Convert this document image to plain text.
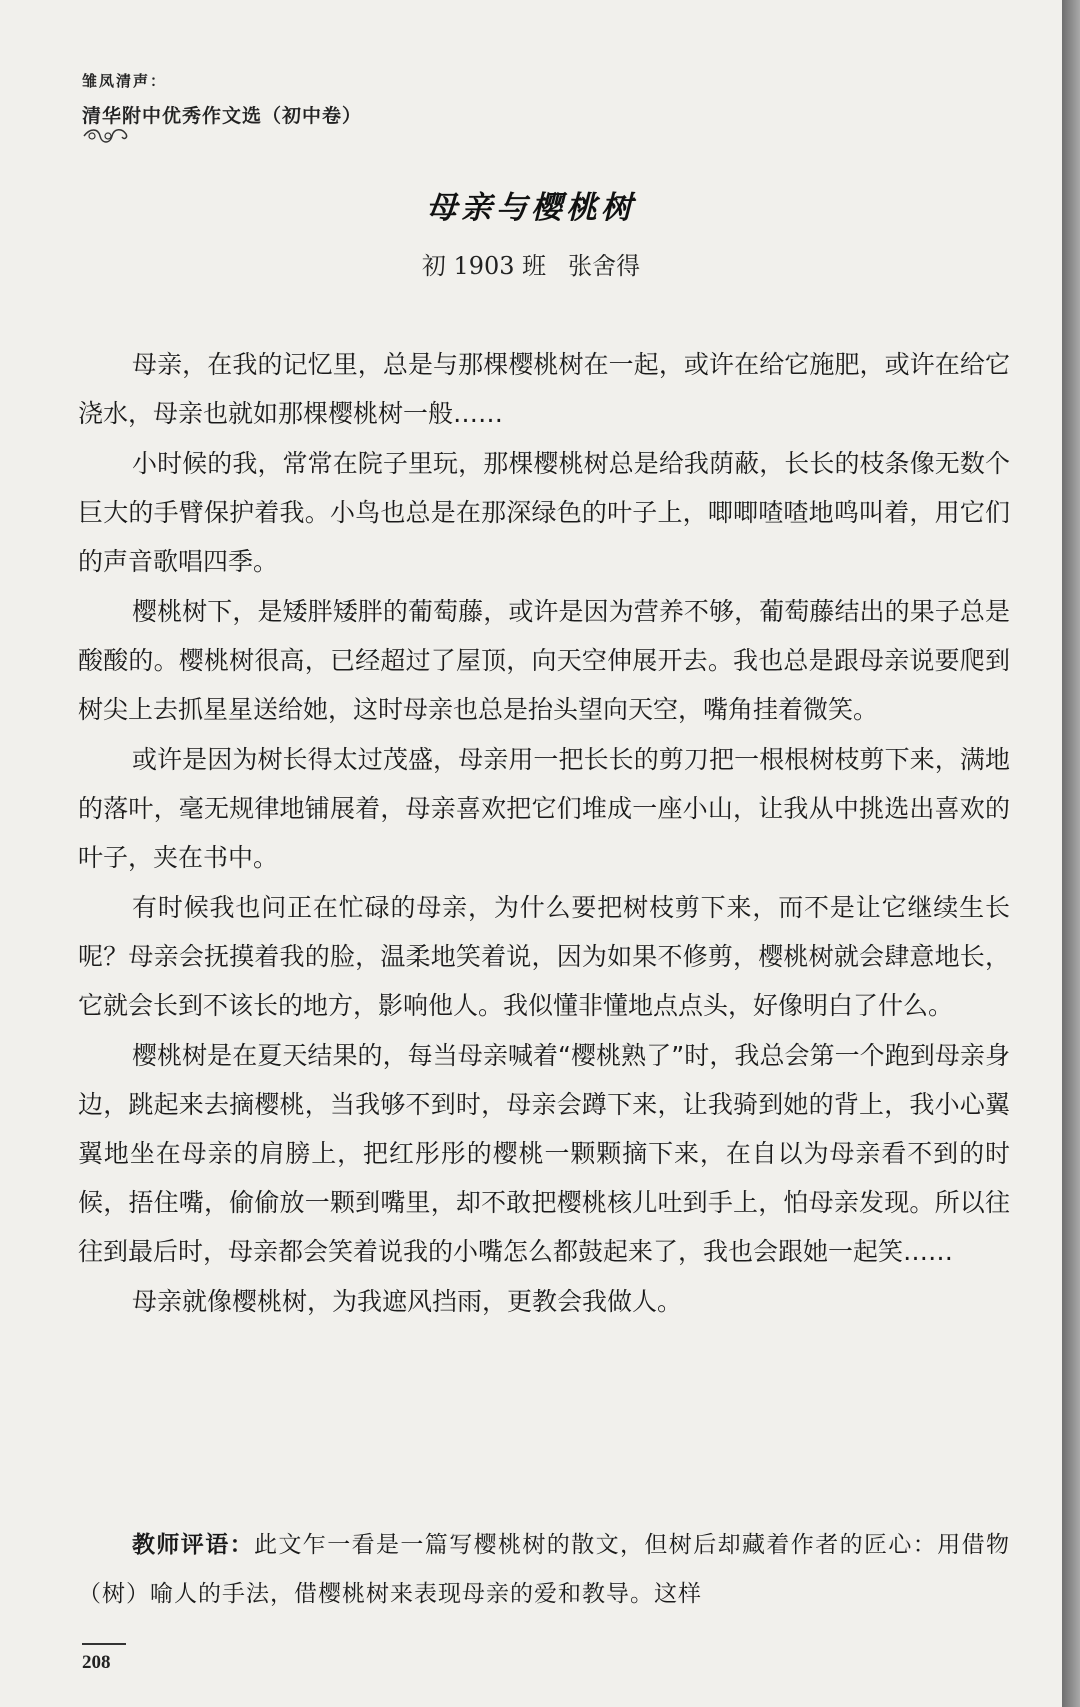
雏凤清声：
清华附中优秀作文选（初中卷）
母亲与樱桃树
初 1903 班 张舍得

母亲，在我的记忆里，总是与那棵樱桃树在一起，或许在给它施肥，或许在给它浇水，母亲也就如那棵樱桃树一般……

小时候的我，常常在院子里玩，那棵樱桃树总是给我荫蔽，长长的枝条像无数个巨大的手臂保护着我。小鸟也总是在那深绿色的叶子上，唧唧喳喳地鸣叫着，用它们的声音歌唱四季。

樱桃树下，是矮胖矮胖的葡萄藤，或许是因为营养不够，葡萄藤结出的果子总是酸酸的。樱桃树很高，已经超过了屋顶，向天空伸展开去。我也总是跟母亲说要爬到树尖上去抓星星送给她，这时母亲也总是抬头望向天空，嘴角挂着微笑。

或许是因为树长得太过茂盛，母亲用一把长长的剪刀把一根根树枝剪下来，满地的落叶，毫无规律地铺展着，母亲喜欢把它们堆成一座小山，让我从中挑选出喜欢的叶子，夹在书中。

有时候我也问正在忙碌的母亲，为什么要把树枝剪下来，而不是让它继续生长呢？母亲会抚摸着我的脸，温柔地笑着说，因为如果不修剪，樱桃树就会肆意地长，它就会长到不该长的地方，影响他人。我似懂非懂地点点头，好像明白了什么。

樱桃树是在夏天结果的，每当母亲喊着“樱桃熟了”时，我总会第一个跑到母亲身边，跳起来去摘樱桃，当我够不到时，母亲会蹲下来，让我骑到她的背上，我小心翼翼地坐在母亲的肩膀上，把红彤彤的樱桃一颗颗摘下来，在自以为母亲看不到的时候，捂住嘴，偷偷放一颗到嘴里，却不敢把樱桃核儿吐到手上，怕母亲发现。所以往往到最后时，母亲都会笑着说我的小嘴怎么都鼓起来了，我也会跟她一起笑……

母亲就像樱桃树，为我遮风挡雨，更教会我做人。

教师评语：此文乍一看是一篇写樱桃树的散文，但树后却藏着作者的匠心：用借物（树）喻人的手法，借樱桃树来表现母亲的爱和教导。这样
208
